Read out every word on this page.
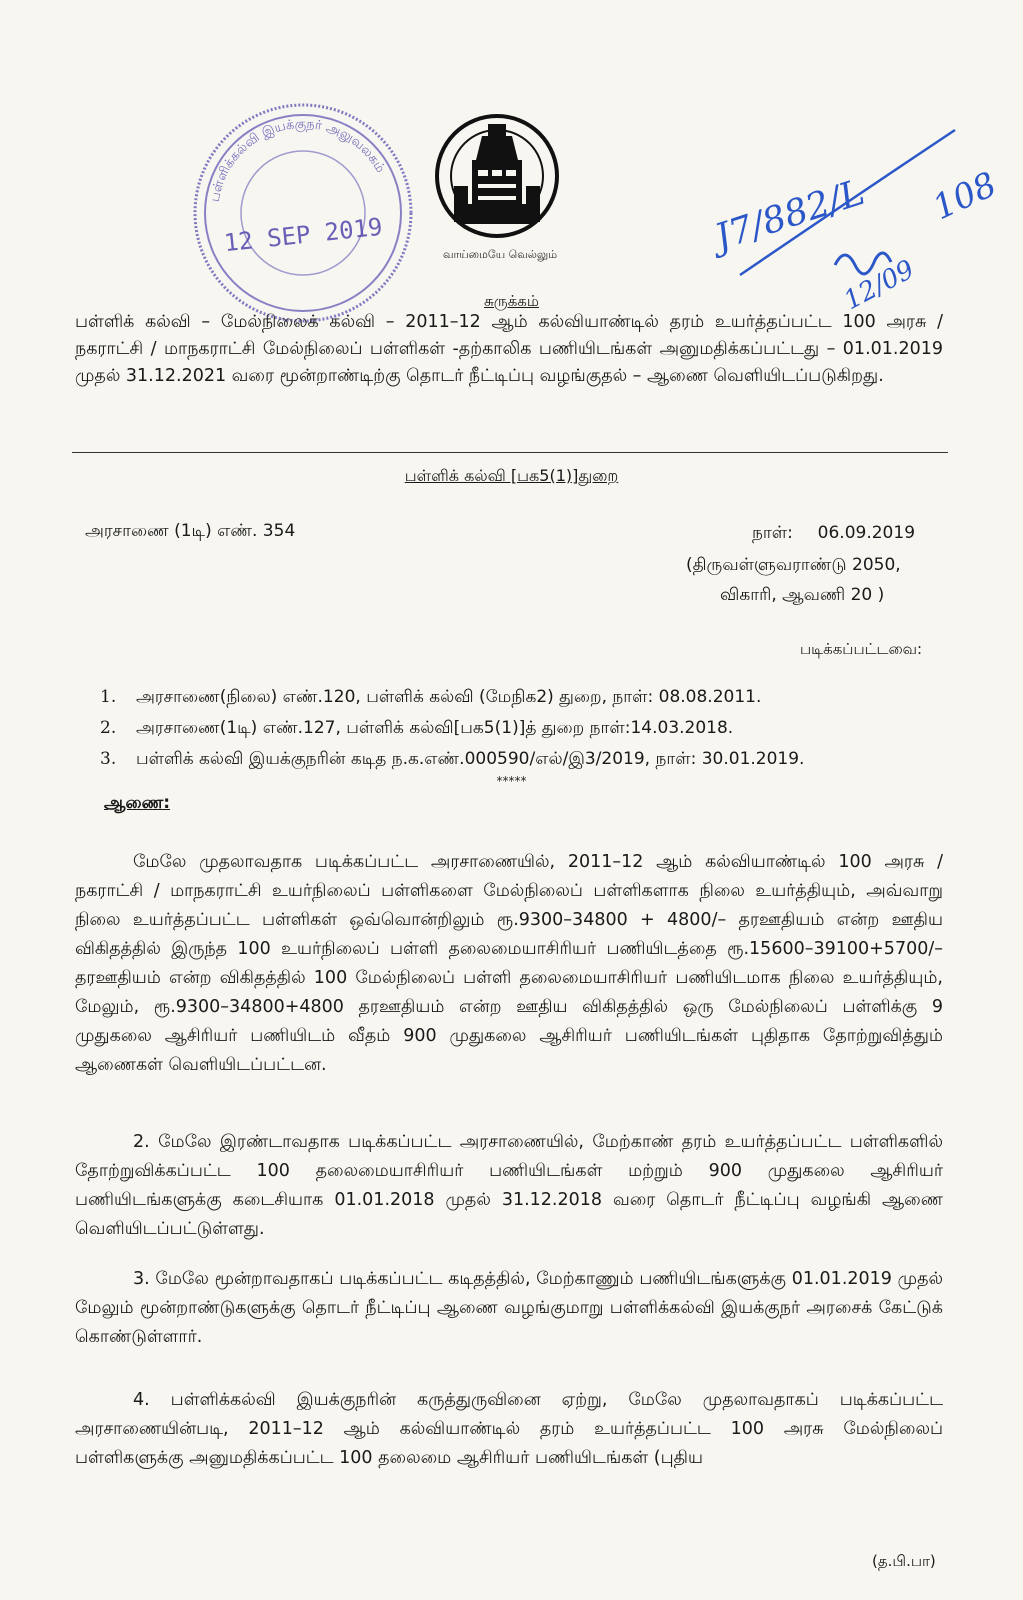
பள்ளிக்கல்வி இயக்குநர் அலுவலகம்
12 SEP 2019	வாய்மையே வெல்லும்	J7/882/L 108
12/09
சுருக்கம்
பள்ளிக் கல்வி – மேல்நிலைக் கல்வி – 2011–12 ஆம் கல்வியாண்டில் தரம் உயர்த்தப்பட்ட 100 அரசு / நகராட்சி / மாநகராட்சி மேல்நிலைப் பள்ளிகள் -தற்காலிக பணியிடங்கள் அனுமதிக்கப்பட்டது – 01.01.2019 முதல் 31.12.2021 வரை மூன்றாண்டிற்கு தொடர் நீட்டிப்பு வழங்குதல் – ஆணை வெளியிடப்படுகிறது.
பள்ளிக் கல்வி [பக5(1)]துறை
அரசாணை (1டி) எண். 354	நாள்: 06.09.2019
(திருவள்ளுவராண்டு 2050,
விகாரி, ஆவணி 20 )
படிக்கப்பட்டவை:
1. அரசாணை(நிலை) எண்.120, பள்ளிக் கல்வி (மேநிக2) துறை, நாள்: 08.08.2011.
2. அரசாணை(1டி) எண்.127, பள்ளிக் கல்வி[பக5(1)]த் துறை நாள்:14.03.2018.
3. பள்ளிக் கல்வி இயக்குநரின் கடித ந.க.எண்.000590/எல்/இ3/2019, நாள்: 30.01.2019.
*****
ஆணை:
மேலே முதலாவதாக படிக்கப்பட்ட அரசாணையில், 2011–12 ஆம் கல்வியாண்டில் 100 அரசு / நகராட்சி / மாநகராட்சி உயர்நிலைப் பள்ளிகளை மேல்நிலைப் பள்ளிகளாக நிலை உயர்த்தியும், அவ்வாறு நிலை உயர்த்தப்பட்ட பள்ளிகள் ஒவ்வொன்றிலும் ரூ.9300–34800 + 4800/– தரஊதியம் என்ற ஊதிய விகிதத்தில் இருந்த 100 உயர்நிலைப் பள்ளி தலைமையாசிரியர் பணியிடத்தை ரூ.15600–39100+5700/– தரஊதியம் என்ற விகிதத்தில் 100 மேல்நிலைப் பள்ளி தலைமையாசிரியர் பணியிடமாக நிலை உயர்த்தியும், மேலும், ரூ.9300–34800+4800 தரஊதியம் என்ற ஊதிய விகிதத்தில் ஒரு மேல்நிலைப் பள்ளிக்கு 9 முதுகலை ஆசிரியர் பணியிடம் வீதம் 900 முதுகலை ஆசிரியர் பணியிடங்கள் புதிதாக தோற்றுவித்தும் ஆணைகள் வெளியிடப்பட்டன.
2. மேலே இரண்டாவதாக படிக்கப்பட்ட அரசாணையில், மேற்காண் தரம் உயர்த்தப்பட்ட பள்ளிகளில் தோற்றுவிக்கப்பட்ட 100 தலைமையாசிரியர் பணியிடங்கள் மற்றும் 900 முதுகலை ஆசிரியர் பணியிடங்களுக்கு கடைசியாக 01.01.2018 முதல் 31.12.2018 வரை தொடர் நீட்டிப்பு வழங்கி ஆணை வெளியிடப்பட்டுள்ளது.
3. மேலே மூன்றாவதாகப் படிக்கப்பட்ட கடிதத்தில், மேற்காணும் பணியிடங்களுக்கு 01.01.2019 முதல் மேலும் மூன்றாண்டுகளுக்கு தொடர் நீட்டிப்பு ஆணை வழங்குமாறு பள்ளிக்கல்வி இயக்குநர் அரசைக் கேட்டுக் கொண்டுள்ளார்.
4. பள்ளிக்கல்வி இயக்குநரின் கருத்துருவினை ஏற்று, மேலே முதலாவதாகப் படிக்கப்பட்ட அரசாணையின்படி, 2011–12 ஆம் கல்வியாண்டில் தரம் உயர்த்தப்பட்ட 100 அரசு மேல்நிலைப் பள்ளிகளுக்கு அனுமதிக்கப்பட்ட 100 தலைமை ஆசிரியர் பணியிடங்கள் (புதிய
(த.பி.பா)
